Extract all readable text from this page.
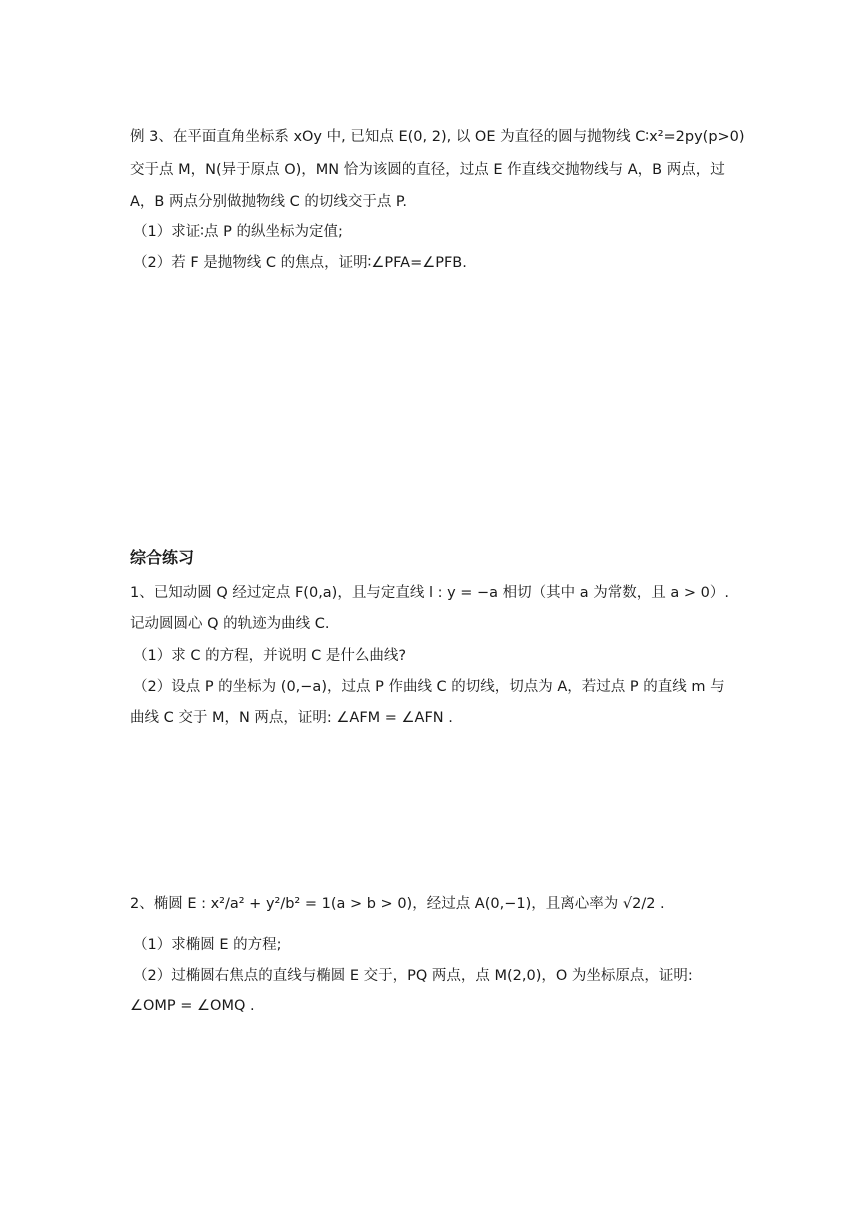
例 3、在平面直角坐标系 xOy 中, 已知点 E(0, 2), 以 OE 为直径的圆与抛物线 C∶x²=2py(p>0)
交于点 M，N(异于原点 O)，MN 恰为该圆的直径，过点 E 作直线交抛物线与 A，B 两点，过
A，B 两点分别做抛物线 C 的切线交于点 P.
（1）求证∶点 P 的纵坐标为定值;
（2）若 F 是抛物线 C 的焦点，证明∶∠PFA=∠PFB.
综合练习
1、已知动圆 Q 经过定点 F(0,a)，且与定直线 l : y = −a 相切（其中 a 为常数，且 a > 0）.
记动圆圆心 Q 的轨迹为曲线 C.
（1）求 C 的方程，并说明 C 是什么曲线?
（2）设点 P 的坐标为 (0,−a)，过点 P 作曲线 C 的切线，切点为 A，若过点 P 的直线 m 与
曲线 C 交于 M，N 两点，证明: ∠AFM = ∠AFN .
2、椭圆 E : x²/a² + y²/b² = 1(a > b > 0)，经过点 A(0,−1)，且离心率为 √2/2 .
（1）求椭圆 E 的方程;
（2）过椭圆右焦点的直线与椭圆 E 交于，PQ 两点，点 M(2,0)，O 为坐标原点，证明:
∠OMP = ∠OMQ .
